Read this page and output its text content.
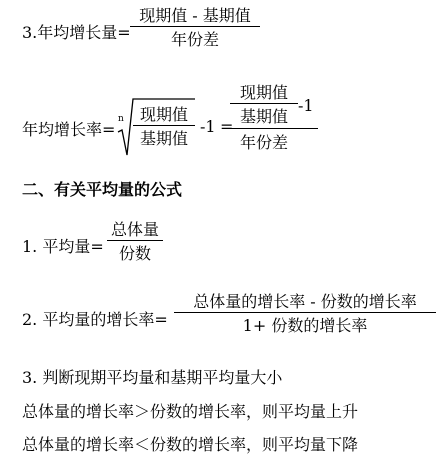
3.年均增长量=
现期值 - 基期值
年份差
年均增长率=
n 现期值
基期值
-1 =
现期值
基期值
-1
年份差
二、有关平均量的公式
1. 平均量=
总体量
份数
2. 平均量的增长率=
总体量的增长率 - 份数的增长率
1+ 份数的增长率
3. 判断现期平均量和基期平均量大小
总体量的增长率＞份数的增长率，则平均量上升
总体量的增长率＜份数的增长率，则平均量下降
